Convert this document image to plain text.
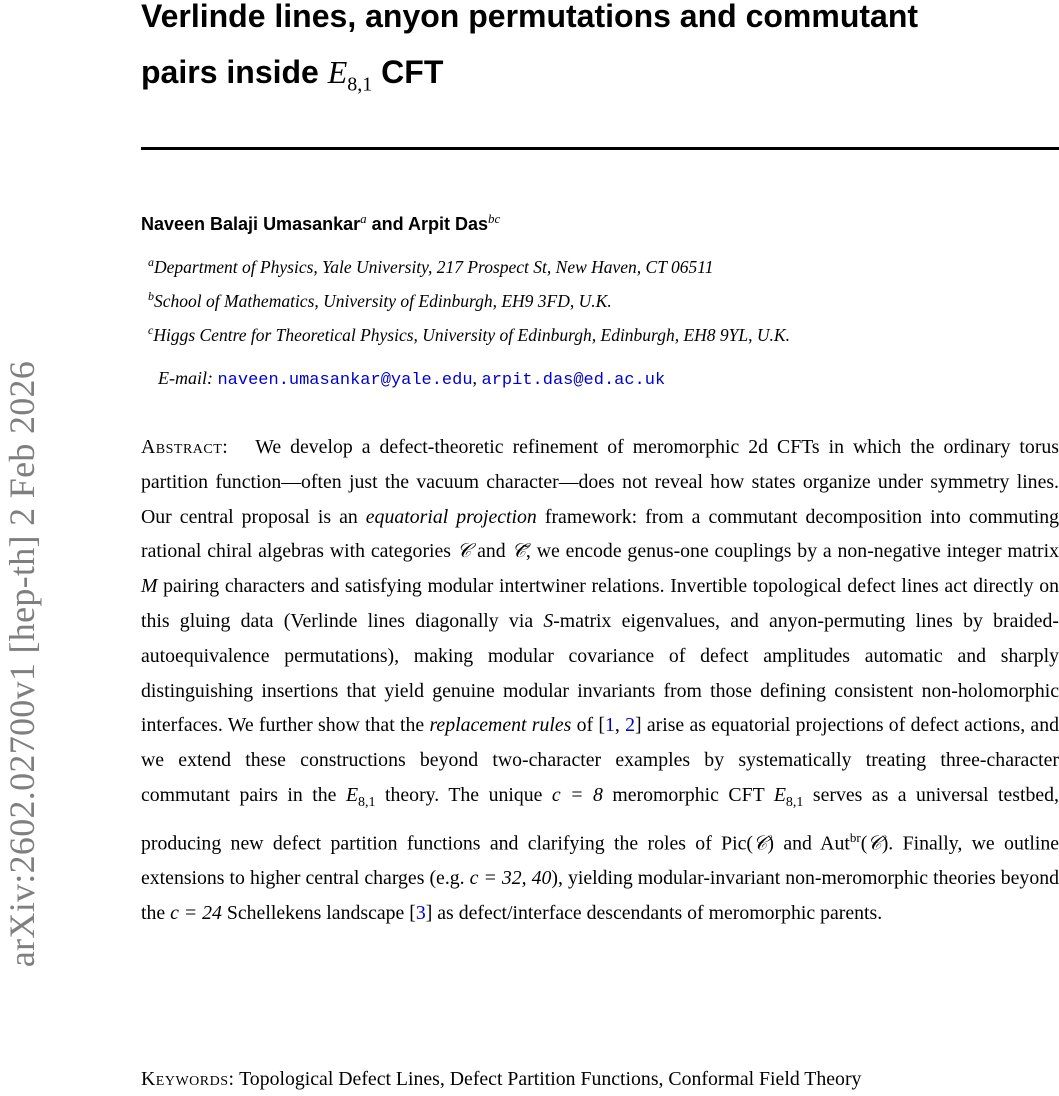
arXiv:2602.02700v1 [hep-th] 2 Feb 2026
Verlinde lines, anyon permutations and commutant
pairs inside $E_{8,1}$ CFT
Naveen Balaji Umasankar$^a$ and Arpit Das$^{bc}$
$^a$Department of Physics, Yale University, 217 Prospect St, New Haven, CT 06511
$^b$School of Mathematics, University of Edinburgh, EH9 3FD, U.K.
$^c$Higgs Centre for Theoretical Physics, University of Edinburgh, Edinburgh, EH8 9YL, U.K.
E-mail: naveen.umasankar@yale.edu, arpit.das@ed.ac.uk

Abstract: We develop a defect-theoretic refinement of meromorphic 2d CFTs in which the ordinary torus partition function—often just the vacuum character—does not reveal how states organize under symmetry lines. Our central proposal is an equatorial projection framework: from a commutant decomposition into commuting rational chiral algebras with categories 𝒞 and 𝒞̃, we encode genus-one couplings by a non-negative integer matrix M pairing characters and satisfying modular intertwiner relations. Invertible topological defect lines act directly on this gluing data (Verlinde lines diagonally via S-matrix eigenvalues, and anyon-permuting lines by braided-autoequivalence permutations), making modular covariance of defect amplitudes automatic and sharply distinguishing insertions that yield genuine modular invariants from those defining consistent non-holomorphic interfaces. We further show that the replacement rules of [1, 2] arise as equatorial projections of defect actions, and we extend these constructions beyond two-character examples by systematically treating three-character commutant pairs in the $E_{8,1}$ theory. The unique c = 8 meromorphic CFT $E_{8,1}$ serves as a universal testbed, producing new defect partition functions and clarifying the roles of Pic(𝒞) and Aut$^{br}$(𝒞). Finally, we outline extensions to higher central charges (e.g. c = 32, 40), yielding modular-invariant non-meromorphic theories beyond the c = 24 Schellekens landscape [3] as defect/interface descendants of meromorphic parents.

Keywords: Topological Defect Lines, Defect Partition Functions, Conformal Field Theory
